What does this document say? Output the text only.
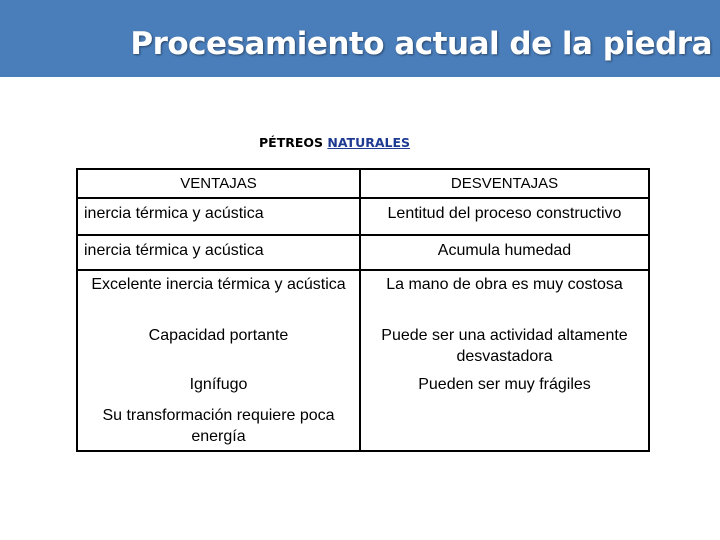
Procesamiento actual de la piedra
PÉTREOS NATURALES
VENTAJAS	DESVENTAJAS
inercia térmica y acústica	Lentitud del proceso constructivo
inercia térmica y acústica	Acumula humedad
Excelente inercia térmica y acústica	La mano de obra es muy costosa
Capacidad portante	Puede ser una actividad altamente desvastadora
Ignífugo	Pueden ser muy frágiles
Su transformación requiere poca energía	
